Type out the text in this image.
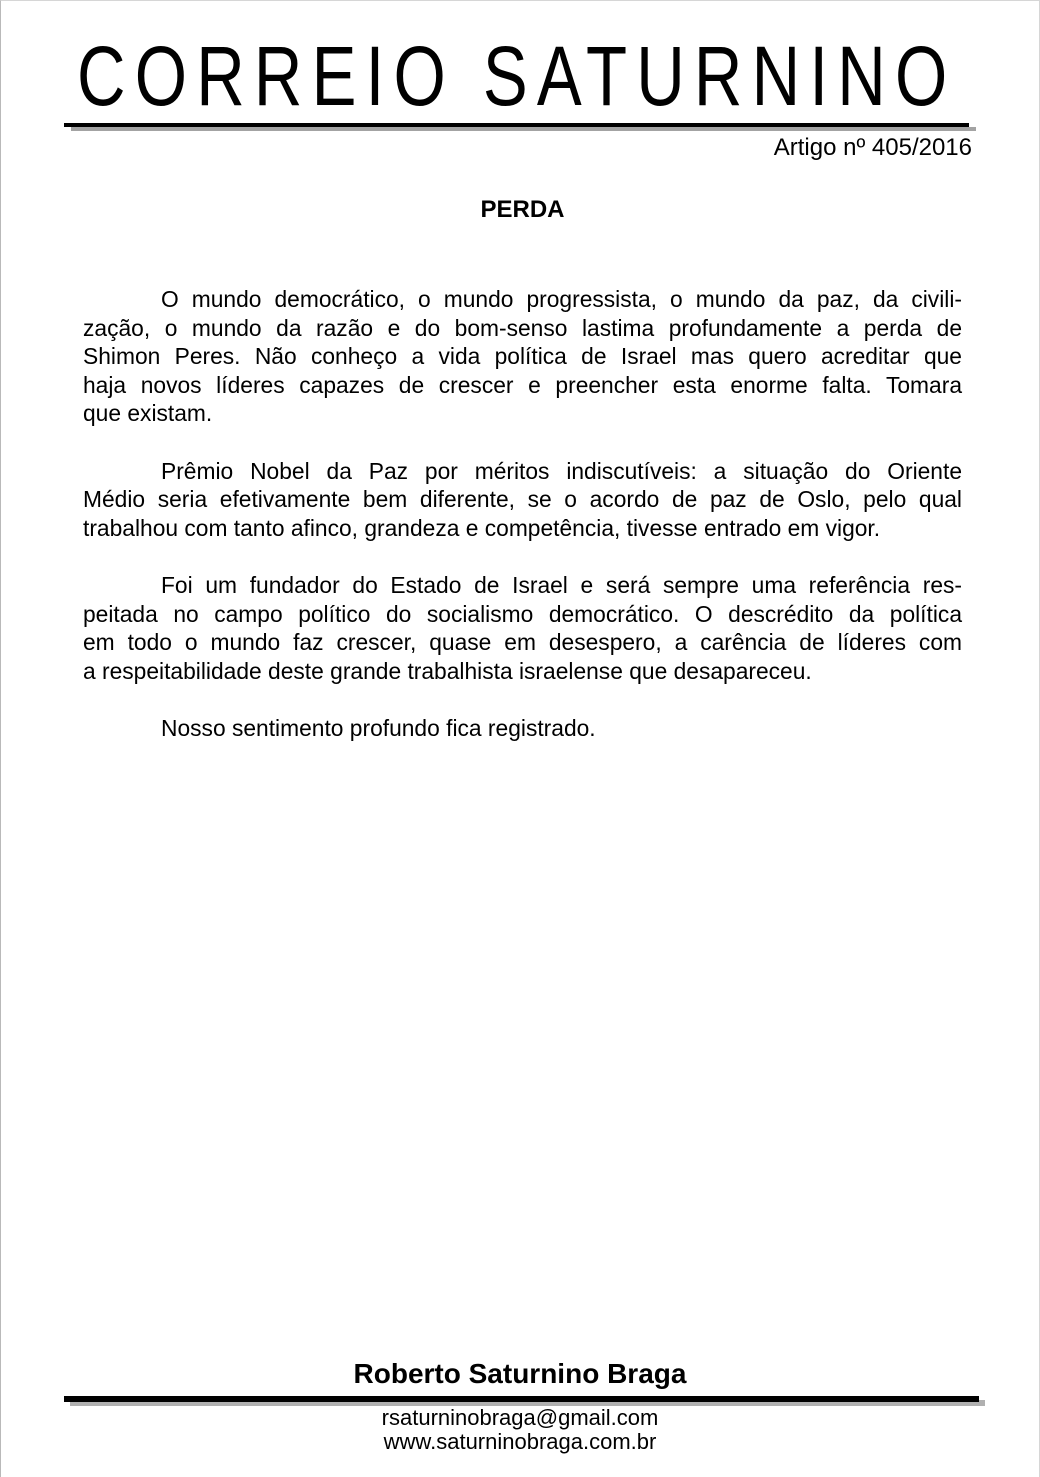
CORREIO SATURNINO
Artigo nº 405/2016
PERDA
O mundo democrático, o mundo progressista, o mundo da paz, da civili-
zação, o mundo da razão e do bom-senso lastima profundamente a perda de
Shimon Peres. Não conheço a vida política de Israel mas quero acreditar que
haja novos líderes capazes de crescer e preencher esta enorme falta. Tomara
que existam.
Prêmio Nobel da Paz por méritos indiscutíveis: a situação do Oriente
Médio seria efetivamente bem diferente, se o acordo de paz de Oslo, pelo qual
trabalhou com tanto afinco, grandeza e competência, tivesse entrado em vigor.
Foi um fundador do Estado de Israel e será sempre uma referência res-
peitada no campo político do socialismo democrático. O descrédito da política
em todo o mundo faz crescer, quase em desespero, a carência de líderes com
a respeitabilidade deste grande trabalhista israelense que desapareceu.
Nosso sentimento profundo fica registrado.
Roberto Saturnino Braga
rsaturninobraga@gmail.com
www.saturninobraga.com.br
